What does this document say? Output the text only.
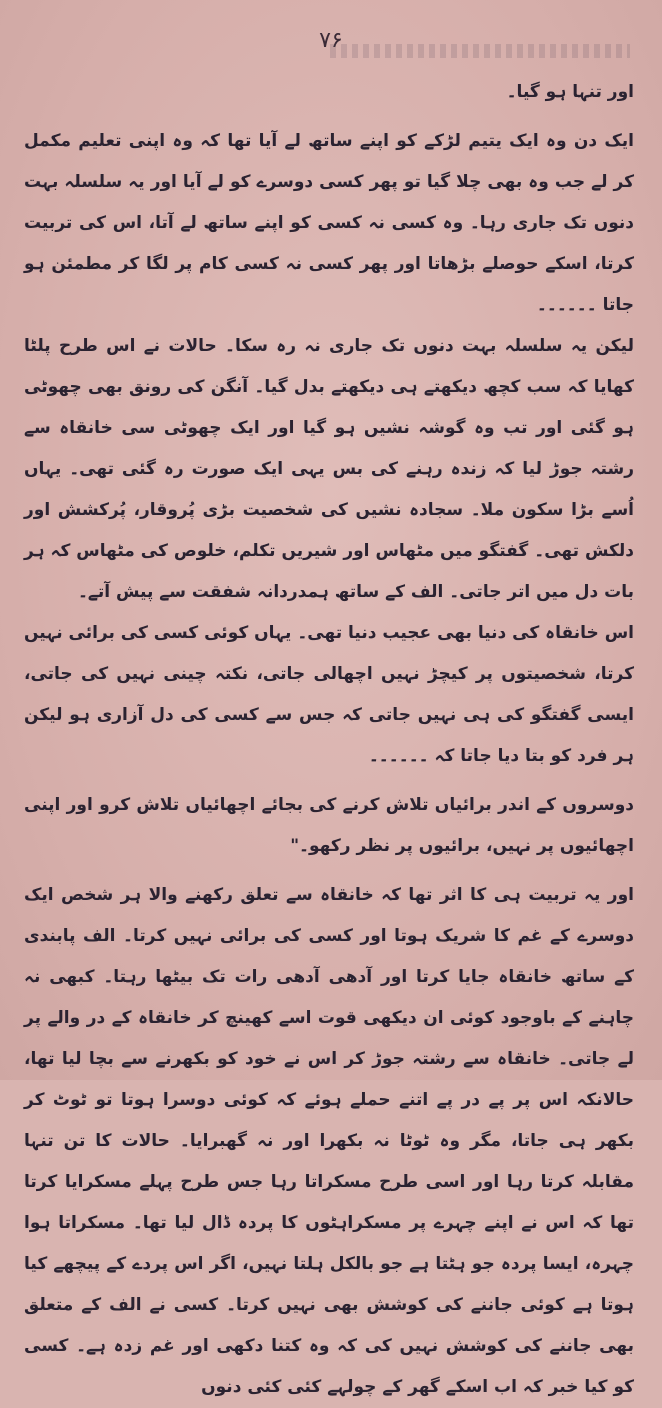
۷۶

اور تنہا ہو گیا۔

ایک دن وہ ایک یتیم لڑکے کو اپنے ساتھ لے آیا تھا کہ وہ اپنی تعلیم مکمل کر لے جب وہ بھی چلا گیا تو پھر کسی دوسرے کو لے آیا اور یہ سلسلہ بہت دنوں تک جاری رہا۔ وہ کسی نہ کسی کو اپنے ساتھ لے آتا، اس کی تربیت کرتا، اسکے حوصلے بڑھاتا اور پھر کسی نہ کسی کام پر لگا کر مطمئن ہو جاتا ۔۔۔۔۔۔

لیکن یہ سلسلہ بہت دنوں تک جاری نہ رہ سکا۔ حالات نے اس طرح پلٹا کھایا کہ سب کچھ دیکھتے ہی دیکھتے بدل گیا۔ آنگن کی رونق بھی چھوٹی ہو گئی اور تب وہ گوشہ نشیں ہو گیا اور ایک چھوٹی سی خانقاہ سے رشتہ جوڑ لیا کہ زندہ رہنے کی بس یہی ایک صورت رہ گئی تھی۔ یہاں اُسے بڑا سکون ملا۔ سجادہ نشیں کی شخصیت بڑی پُروقار، پُرکشش اور دلکش تھی۔ گفتگو میں مٹھاس اور شیریں تکلم، خلوص کی مٹھاس کہ ہر بات دل میں اتر جاتی۔ الف کے ساتھ ہمدردانہ شفقت سے پیش آتے۔

اس خانقاہ کی دنیا بھی عجیب دنیا تھی۔ یہاں کوئی کسی کی برائی نہیں کرتا، شخصیتوں پر کیچڑ نہیں اچھالی جاتی، نکتہ چینی نہیں کی جاتی، ایسی گفتگو کی ہی نہیں جاتی کہ جس سے کسی کی دل آزاری ہو لیکن ہر فرد کو بتا دیا جاتا کہ ۔۔۔۔۔۔

دوسروں کے اندر برائیاں تلاش کرنے کی بجائے اچھائیاں تلاش کرو اور اپنی اچھائیوں پر نہیں، برائیوں پر نظر رکھو۔"

اور یہ تربیت ہی کا اثر تھا کہ خانقاہ سے تعلق رکھنے والا ہر شخص ایک دوسرے کے غم کا شریک ہوتا اور کسی کی برائی نہیں کرتا۔ الف پابندی کے ساتھ خانقاہ جایا کرتا اور آدھی آدھی رات تک بیٹھا رہتا۔ کبھی نہ چاہنے کے باوجود کوئی ان دیکھی قوت اسے کھینچ کر خانقاہ کے در والے پر لے جاتی۔ خانقاہ سے رشتہ جوڑ کر اس نے خود کو بکھرنے سے بچا لیا تھا، حالانکہ اس پر پے در پے اتنے حملے ہوئے کہ کوئی دوسرا ہوتا تو ٹوٹ کر بکھر ہی جاتا، مگر وہ ٹوٹا نہ بکھرا اور نہ گھبرایا۔ حالات کا تن تنہا مقابلہ کرتا رہا اور اسی طرح مسکراتا رہا جس طرح پہلے مسکرایا کرتا تھا کہ اس نے اپنے چہرے پر مسکراہٹوں کا پردہ ڈال لیا تھا۔ مسکراتا ہوا چہرہ، ایسا پردہ جو ہٹتا ہے جو بالکل ہلتا نہیں، اگر اس پردے کے پیچھے کیا ہوتا ہے کوئی جاننے کی کوشش بھی نہیں کرتا۔ کسی نے الف کے متعلق بھی جاننے کی کوشش نہیں کی کہ وہ کتنا دکھی اور غم زدہ ہے۔ کسی کو کیا خبر کہ اب اسکے گھر کے چولہے کئی کئی دنوں
